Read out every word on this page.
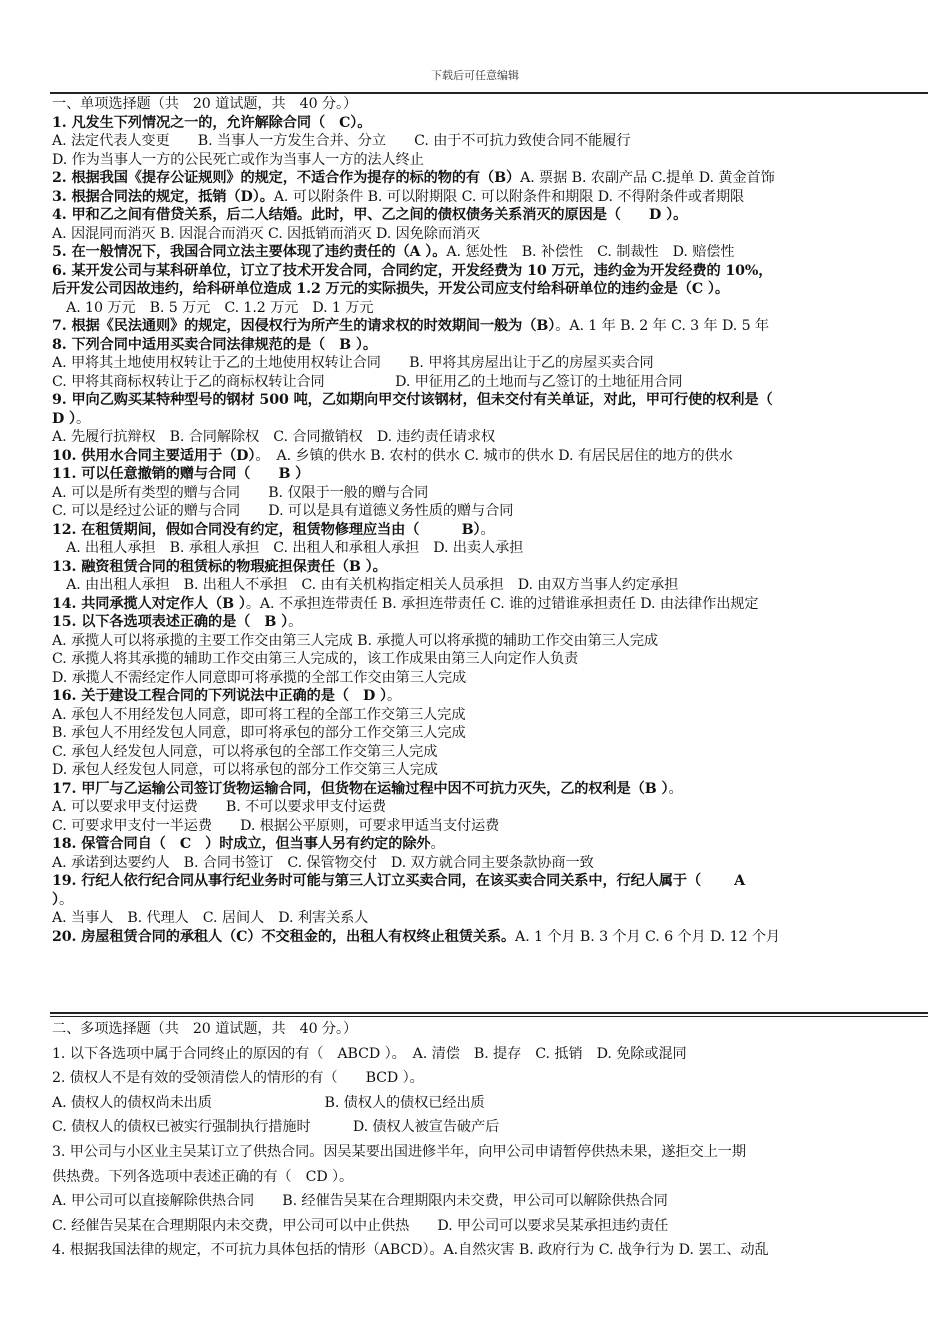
下载后可任意编辑
一、单项选择题（共　20 道试题，共　40 分。）
1. 凡发生下列情况之一的，允许解除合同（　C）。
A. 法定代表人变更　　B. 当事人一方发生合并、分立　　C. 由于不可抗力致使合同不能履行
D. 作为当事人一方的公民死亡或作为当事人一方的法人终止
2. 根据我国《提存公证规则》的规定，不适合作为提存的标的物的有（B）A. 票据 B. 农副产品 C.提单 D. 黄金首饰
3. 根据合同法的规定，抵销（D）。A. 可以附条件 B. 可以附期限 C. 可以附条件和期限 D. 不得附条件或者期限
4. 甲和乙之间有借贷关系，后二人结婚。此时，甲、乙之间的债权债务关系消灭的原因是（　　D ）。
A. 因混同而消灭 B. 因混合而消灭 C. 因抵销而消灭 D. 因免除而消灭
5. 在一般情况下，我国合同立法主要体现了违约责任的（A ）。A. 惩处性　B. 补偿性　C. 制裁性　D. 赔偿性
6. 某开发公司与某科研单位，订立了技术开发合同，合同约定，开发经费为 10 万元，违约金为开发经费的 10%，
后开发公司因故违约，给科研单位造成 1.2 万元的实际损失，开发公司应支付给科研单位的违约金是（C ）。
　A. 10 万元　B. 5 万元　C. 1.2 万元　D. 1 万元
7. 根据《民法通则》的规定，因侵权行为所产生的请求权的时效期间一般为（B）。A. 1 年 B. 2 年 C. 3 年 D. 5 年
8. 下列合同中适用买卖合同法律规范的是（　B ）。
A. 甲将其土地使用权转让于乙的土地使用权转让合同　　B. 甲将其房屋出让于乙的房屋买卖合同
C. 甲将其商标权转让于乙的商标权转让合同　　　　　D. 甲征用乙的土地而与乙签订的土地征用合同
9. 甲向乙购买某特种型号的钢材 500 吨，乙如期向甲交付该钢材，但未交付有关单证，对此，甲可行使的权利是（
D ）。
A. 先履行抗辩权　B. 合同解除权　C. 合同撤销权　D. 违约责任请求权
10. 供用水合同主要适用于（D）。　A. 乡镇的供水 B. 农村的供水 C. 城市的供水 D. 有居民居住的地方的供水
11. 可以任意撤销的赠与合同（　　B ）
A. 可以是所有类型的赠与合同　　B. 仅限于一般的赠与合同
C. 可以是经过公证的赠与合同　　D. 可以是具有道德义务性质的赠与合同
12. 在租赁期间，假如合同没有约定，租赁物修理应当由（　　　B）。
　A. 出租人承担　B. 承租人承担　C. 出租人和承租人承担　D. 出卖人承担
13. 融资租赁合同的租赁标的物瑕疵担保责任（B ）。
　A. 由出租人承担　B. 出租人不承担　C. 由有关机构指定相关人员承担　D. 由双方当事人约定承担
14. 共同承揽人对定作人（B ）。A. 不承担连带责任 B. 承担连带责任 C. 谁的过错谁承担责任 D. 由法律作出规定
15. 以下各选项表述正确的是（　B ）。
A. 承揽人可以将承揽的主要工作交由第三人完成 B. 承揽人可以将承揽的辅助工作交由第三人完成
C. 承揽人将其承揽的辅助工作交由第三人完成的，该工作成果由第三人向定作人负责
D. 承揽人不需经定作人同意即可将承揽的全部工作交由第三人完成
16. 关于建设工程合同的下列说法中正确的是（　D ）。
A. 承包人不用经发包人同意，即可将工程的全部工作交第三人完成
B. 承包人不用经发包人同意，即可将承包的部分工作交第三人完成
C. 承包人经发包人同意，可以将承包的全部工作交第三人完成
D. 承包人经发包人同意，可以将承包的部分工作交第三人完成
17. 甲厂与乙运输公司签订货物运输合同，但货物在运输过程中因不可抗力灭失，乙的权利是（B ）。
A. 可以要求甲支付运费　　B. 不可以要求甲支付运费
C. 可要求甲支付一半运费　　D. 根据公平原则，可要求甲适当支付运费
18. 保管合同自（　C　）时成立，但当事人另有约定的除外。
A. 承诺到达要约人　B. 合同书签订　C. 保管物交付　D. 双方就合同主要条款协商一致
19. 行纪人依行纪合同从事行纪业务时可能与第三人订立买卖合同，在该买卖合同关系中，行纪人属于（　　 A
）。
A. 当事人　B. 代理人　C. 居间人　D. 利害关系人
20. 房屋租赁合同的承租人（C）不交租金的，出租人有权终止租赁关系。A. 1 个月 B. 3 个月 C. 6 个月 D. 12 个月
二、多项选择题（共　20 道试题，共　40 分。）
1. 以下各选项中属于合同终止的原因的有（　ABCD ）。　A. 清偿　B. 提存　C. 抵销　D. 免除或混同
2. 债权人不是有效的受领清偿人的情形的有（　　BCD ）。
A. 债权人的债权尚未出质　　　　　　　　B. 债权人的债权已经出质
C. 债权人的债权已被实行强制执行措施时　　　D. 债权人被宣告破产后
3. 甲公司与小区业主吴某订立了供热合同。因吴某要出国进修半年，向甲公司申请暂停供热未果，遂拒交上一期
供热费。下列各选项中表述正确的有（　CD ）。
A. 甲公司可以直接解除供热合同　　B. 经催告吴某在合理期限内未交费，甲公司可以解除供热合同
C. 经催告吴某在合理期限内未交费，甲公司可以中止供热　　D. 甲公司可以要求吴某承担违约责任
4. 根据我国法律的规定，不可抗力具体包括的情形（ABCD）。A.自然灾害 B. 政府行为 C. 战争行为 D. 罢工、动乱
